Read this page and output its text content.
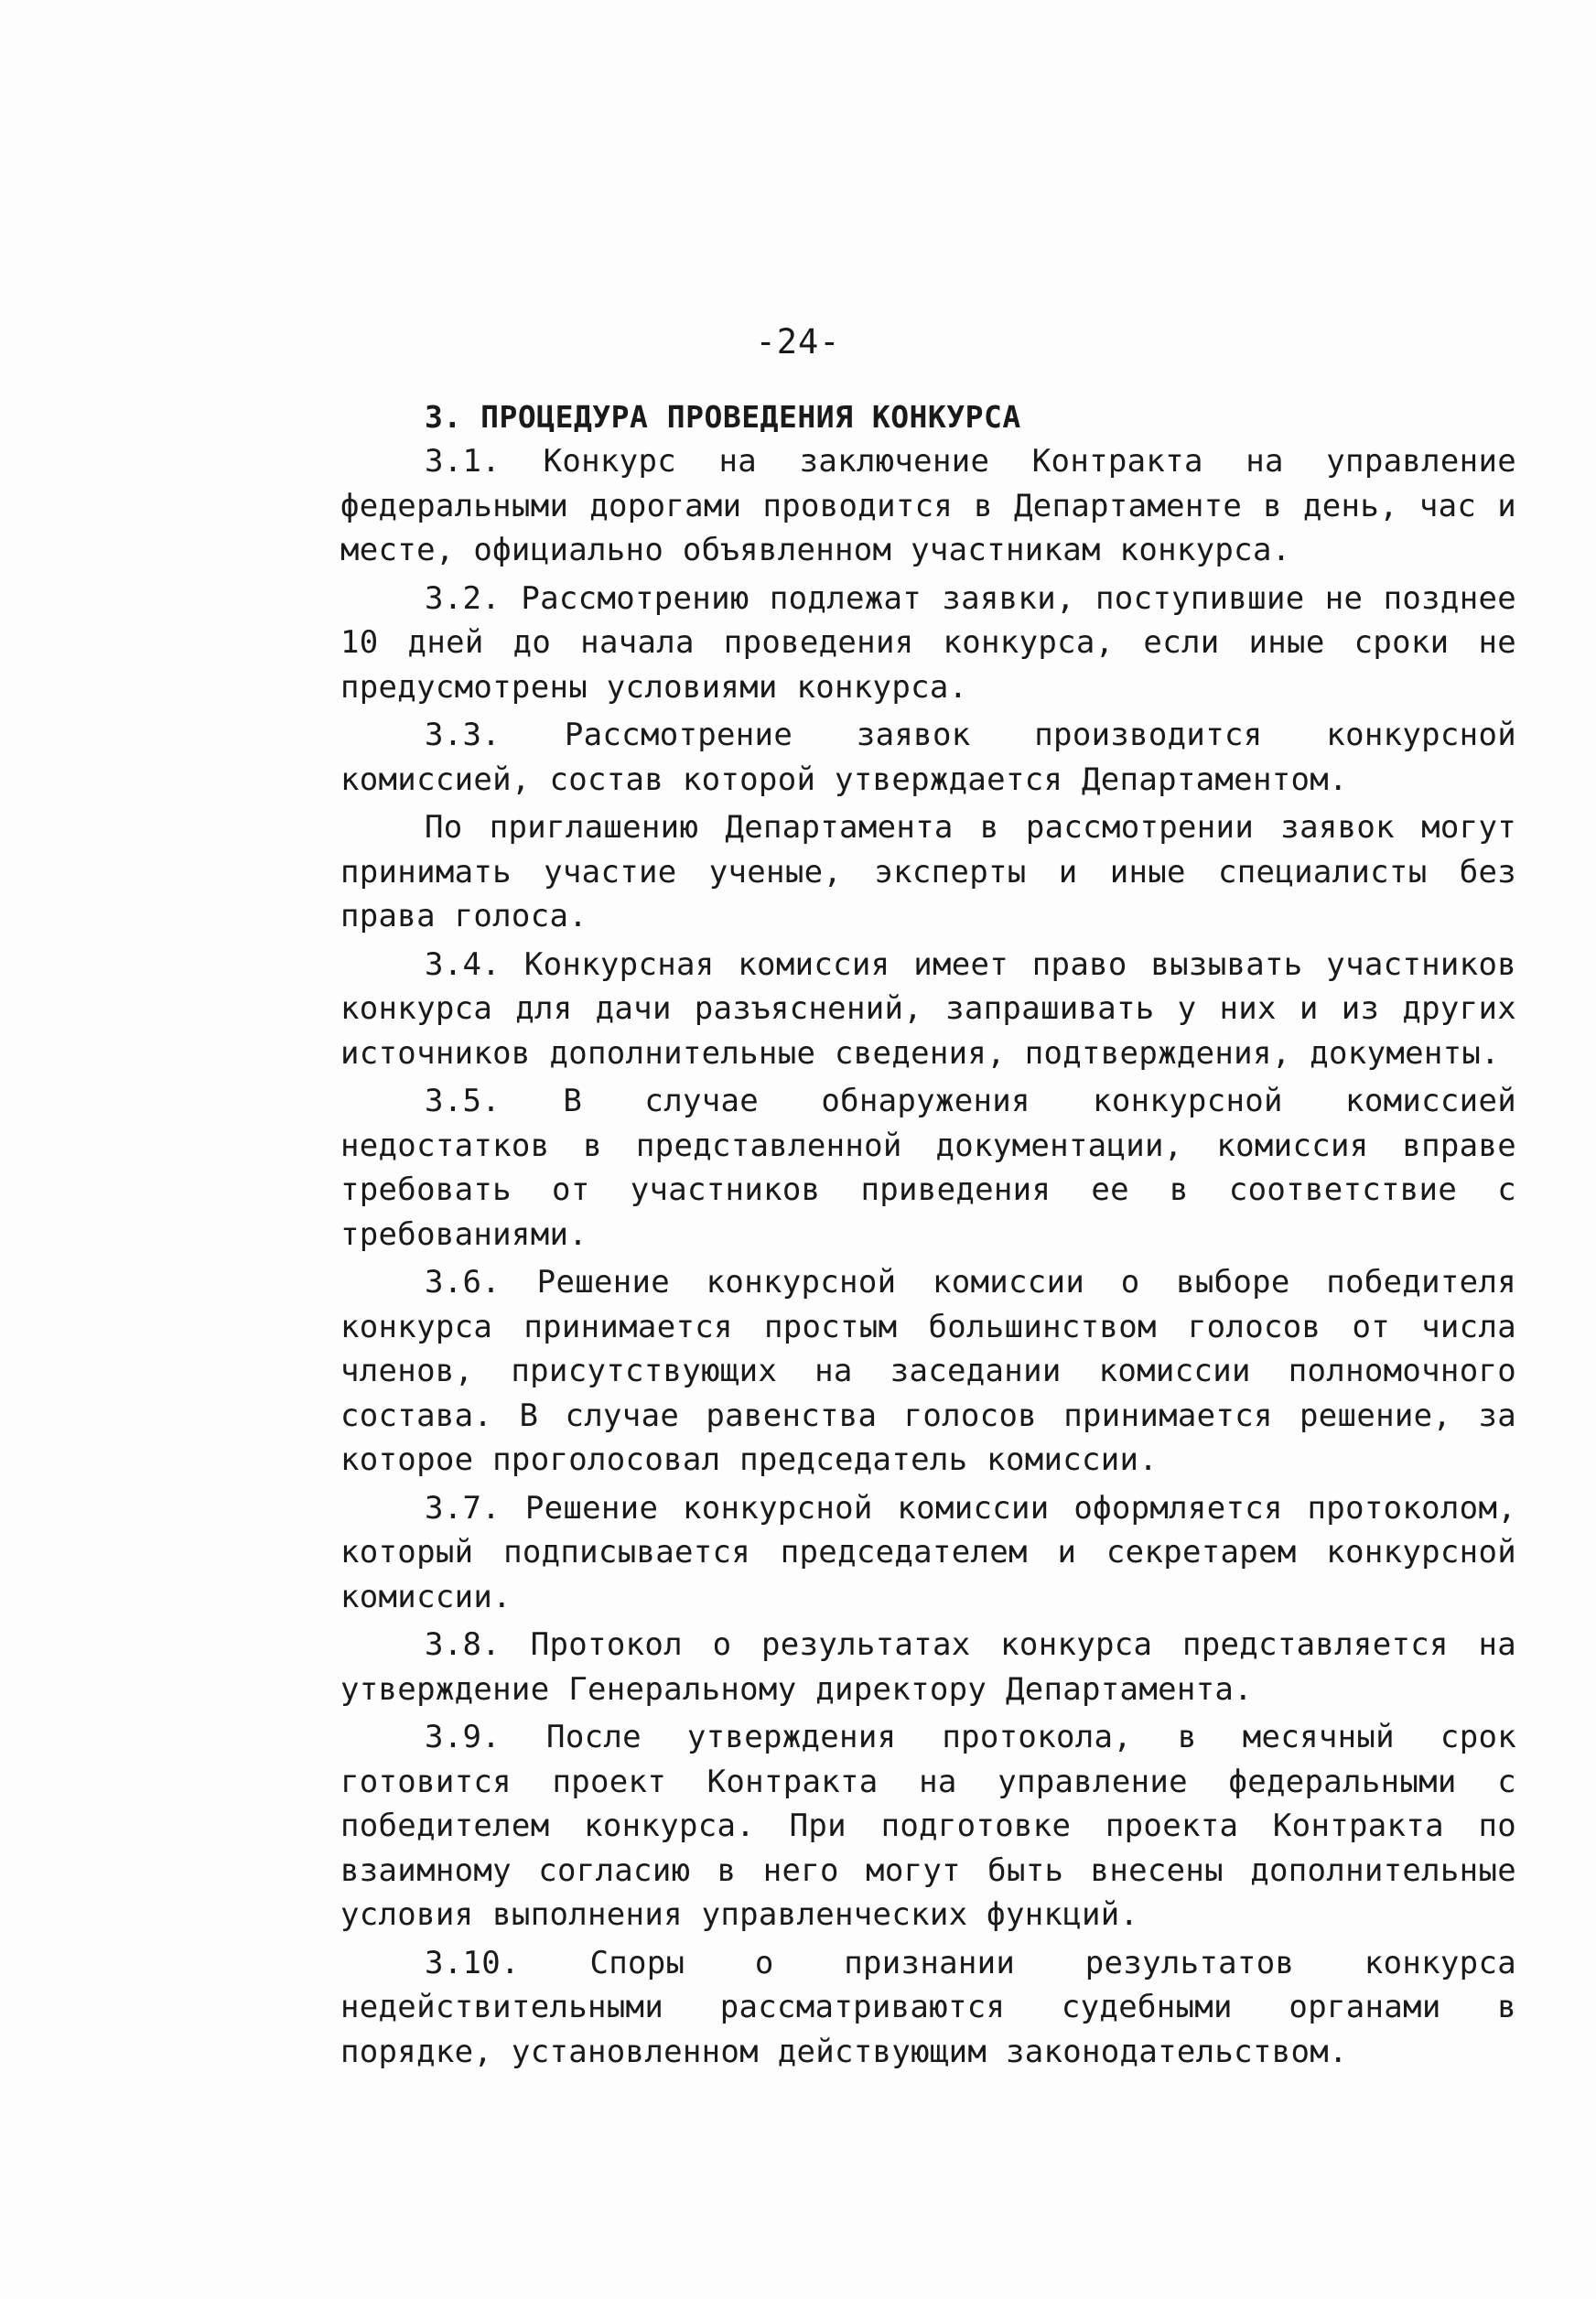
-24-
3. ПРОЦЕДУРА ПРОВЕДЕНИЯ КОНКУРСА

3.1. Конкурс на заключение Контракта на управление федеральными дорогами проводится в Департаменте в день, час и месте, официально объявленном участникам конкурса.

3.2. Рассмотрению подлежат заявки, поступившие не позднее 10 дней до начала проведения конкурса, если иные сроки не предусмотрены условиями конкурса.

3.3. Рассмотрение заявок производится конкурсной комиссией, состав которой утверждается Департаментом.

По приглашению Департамента в рассмотрении заявок могут принимать участие ученые, эксперты и иные специалисты без права голоса.

3.4. Конкурсная комиссия имеет право вызывать участников конкурса для дачи разъяснений, запрашивать у них и из других источников дополнительные сведения, подтверждения, документы.

3.5. В случае обнаружения конкурсной комиссией недостатков в представленной документации, комиссия вправе требовать от участников приведения ее в соответствие с требованиями.

3.6. Решение конкурсной комиссии о выборе победителя конкурса принимается простым большинством голосов от числа членов, присутствующих на заседании комиссии полномочного состава. В случае равенства голосов принимается решение, за которое проголосовал председатель комиссии.

3.7. Решение конкурсной комиссии оформляется протоколом, который подписывается председателем и секретарем конкурсной комиссии.

3.8. Протокол о результатах конкурса представляется на утверждение Генеральному директору Департамента.

3.9. После утверждения протокола, в месячный срок готовится проект Контракта на управление федеральными с победителем конкурса. При подготовке проекта Контракта по взаимному согласию в него могут быть внесены дополнительные условия выполнения управленческих функций.

3.10. Споры о признании результатов конкурса недействительными рассматриваются судебными органами в порядке, установленном действующим законодательством.
